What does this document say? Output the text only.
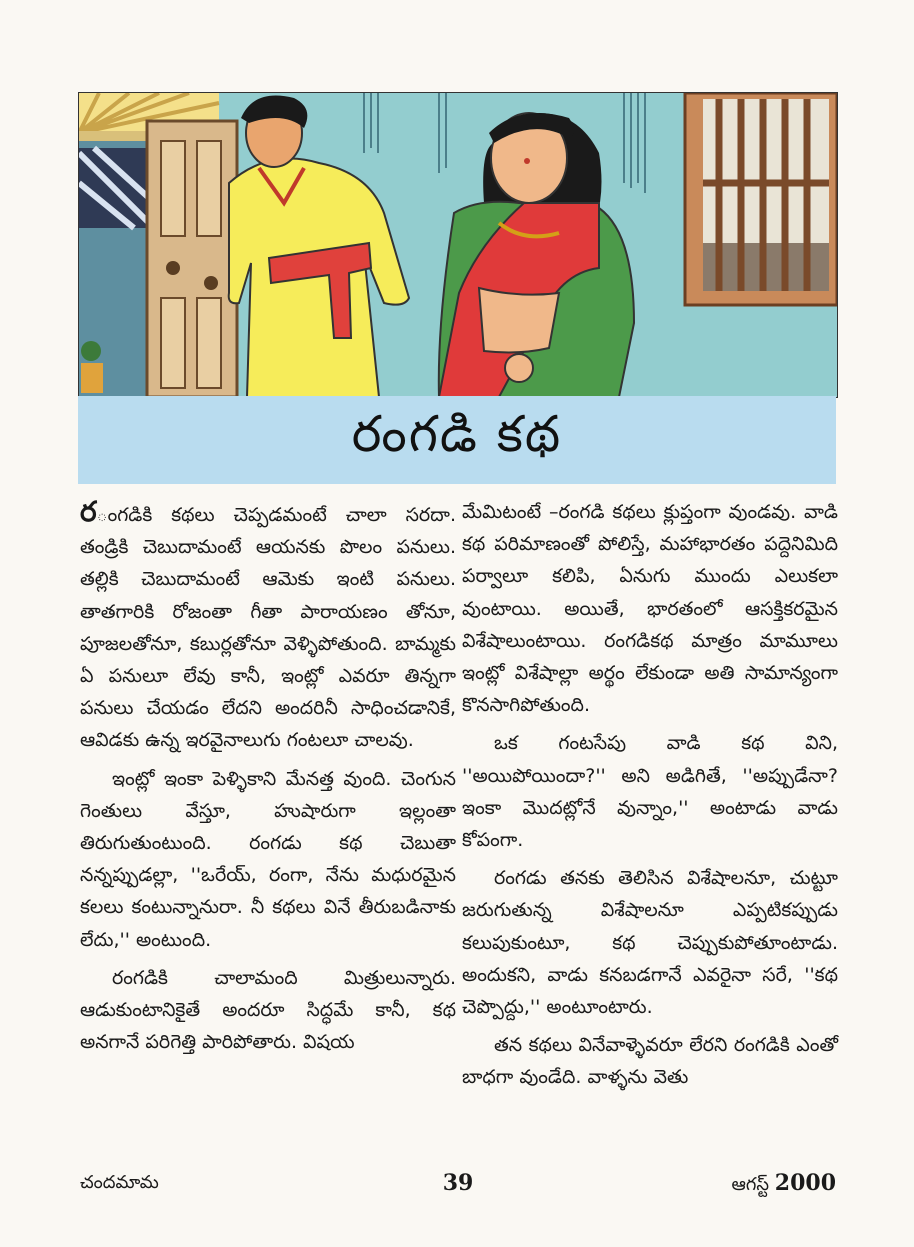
రంగడి కథ

రంగడికి కథలు చెప్పడమంటే చాలా సరదా. తండ్రికి చెబుదామంటే ఆయనకు పొలం పనులు. తల్లికి చెబుదామంటే ఆమెకు ఇంటి పనులు. తాతగారికి రోజంతా గీతా పారాయణం తోనూ, పూజలతోనూ, కబుర్లతోనూ వెళ్ళిపోతుంది. బామ్మకు ఏ పనులూ లేవు కానీ, ఇంట్లో ఎవరూ తిన్నగా పనులు చేయడం లేదని అందరినీ సాధించడానికే, ఆవిడకు ఉన్న ఇరవైనాలుగు గంటలూ చాలవు.

ఇంట్లో ఇంకా పెళ్ళికాని మేనత్త వుంది. చెంగున గెంతులు వేస్తూ, హుషారుగా ఇల్లంతా తిరుగుతుంటుంది. రంగడు కథ చెబుతా నన్నప్పుడల్లా, ''ఒరేయ్, రంగా, నేను మధురమైన కలలు కంటున్నానురా. నీ కథలు వినే తీరుబడినాకు లేదు,'' అంటుంది.

రంగడికి చాలామంది మిత్రులున్నారు. ఆడుకుంటానికైతే అందరూ సిద్ధమే కానీ, కథ అనగానే పరిగెత్తి పారిపోతారు. విషయ

మేమిటంటే –రంగడి కథలు క్లుప్తంగా వుండవు. వాడి కథ పరిమాణంతో పోలిస్తే, మహాభారతం పద్దెనిమిది పర్వాలూ కలిపి, ఏనుగు ముందు ఎలుకలా వుంటాయి. అయితే, భారతంలో ఆసక్తికరమైన విశేషాలుంటాయి. రంగడికథ మాత్రం మామూలు ఇంట్లో విశేషాల్లా అర్థం లేకుండా అతి సామాన్యంగా కొనసాగిపోతుంది.

ఒక గంటసేపు వాడి కథ విని, ''అయిపోయిందా?'' అని అడిగితే, ''అప్పుడేనా? ఇంకా మొదట్లోనే వున్నాం,'' అంటాడు వాడు కోపంగా.

రంగడు తనకు తెలిసిన విశేషాలనూ, చుట్టూ జరుగుతున్న విశేషాలనూ ఎప్పటికప్పుడు కలుపుకుంటూ, కథ చెప్పుకుపోతూంటాడు. అందుకని, వాడు కనబడగానే ఎవరైనా సరే, ''కథ చెప్పొద్దు,'' అంటూంటారు.

తన కథలు వినేవాళ్ళెవరూ లేరని రంగడికి ఎంతో బాధగా వుండేది. వాళ్ళను వెతు

చందమామ	39	ఆగస్ట్ 2000
